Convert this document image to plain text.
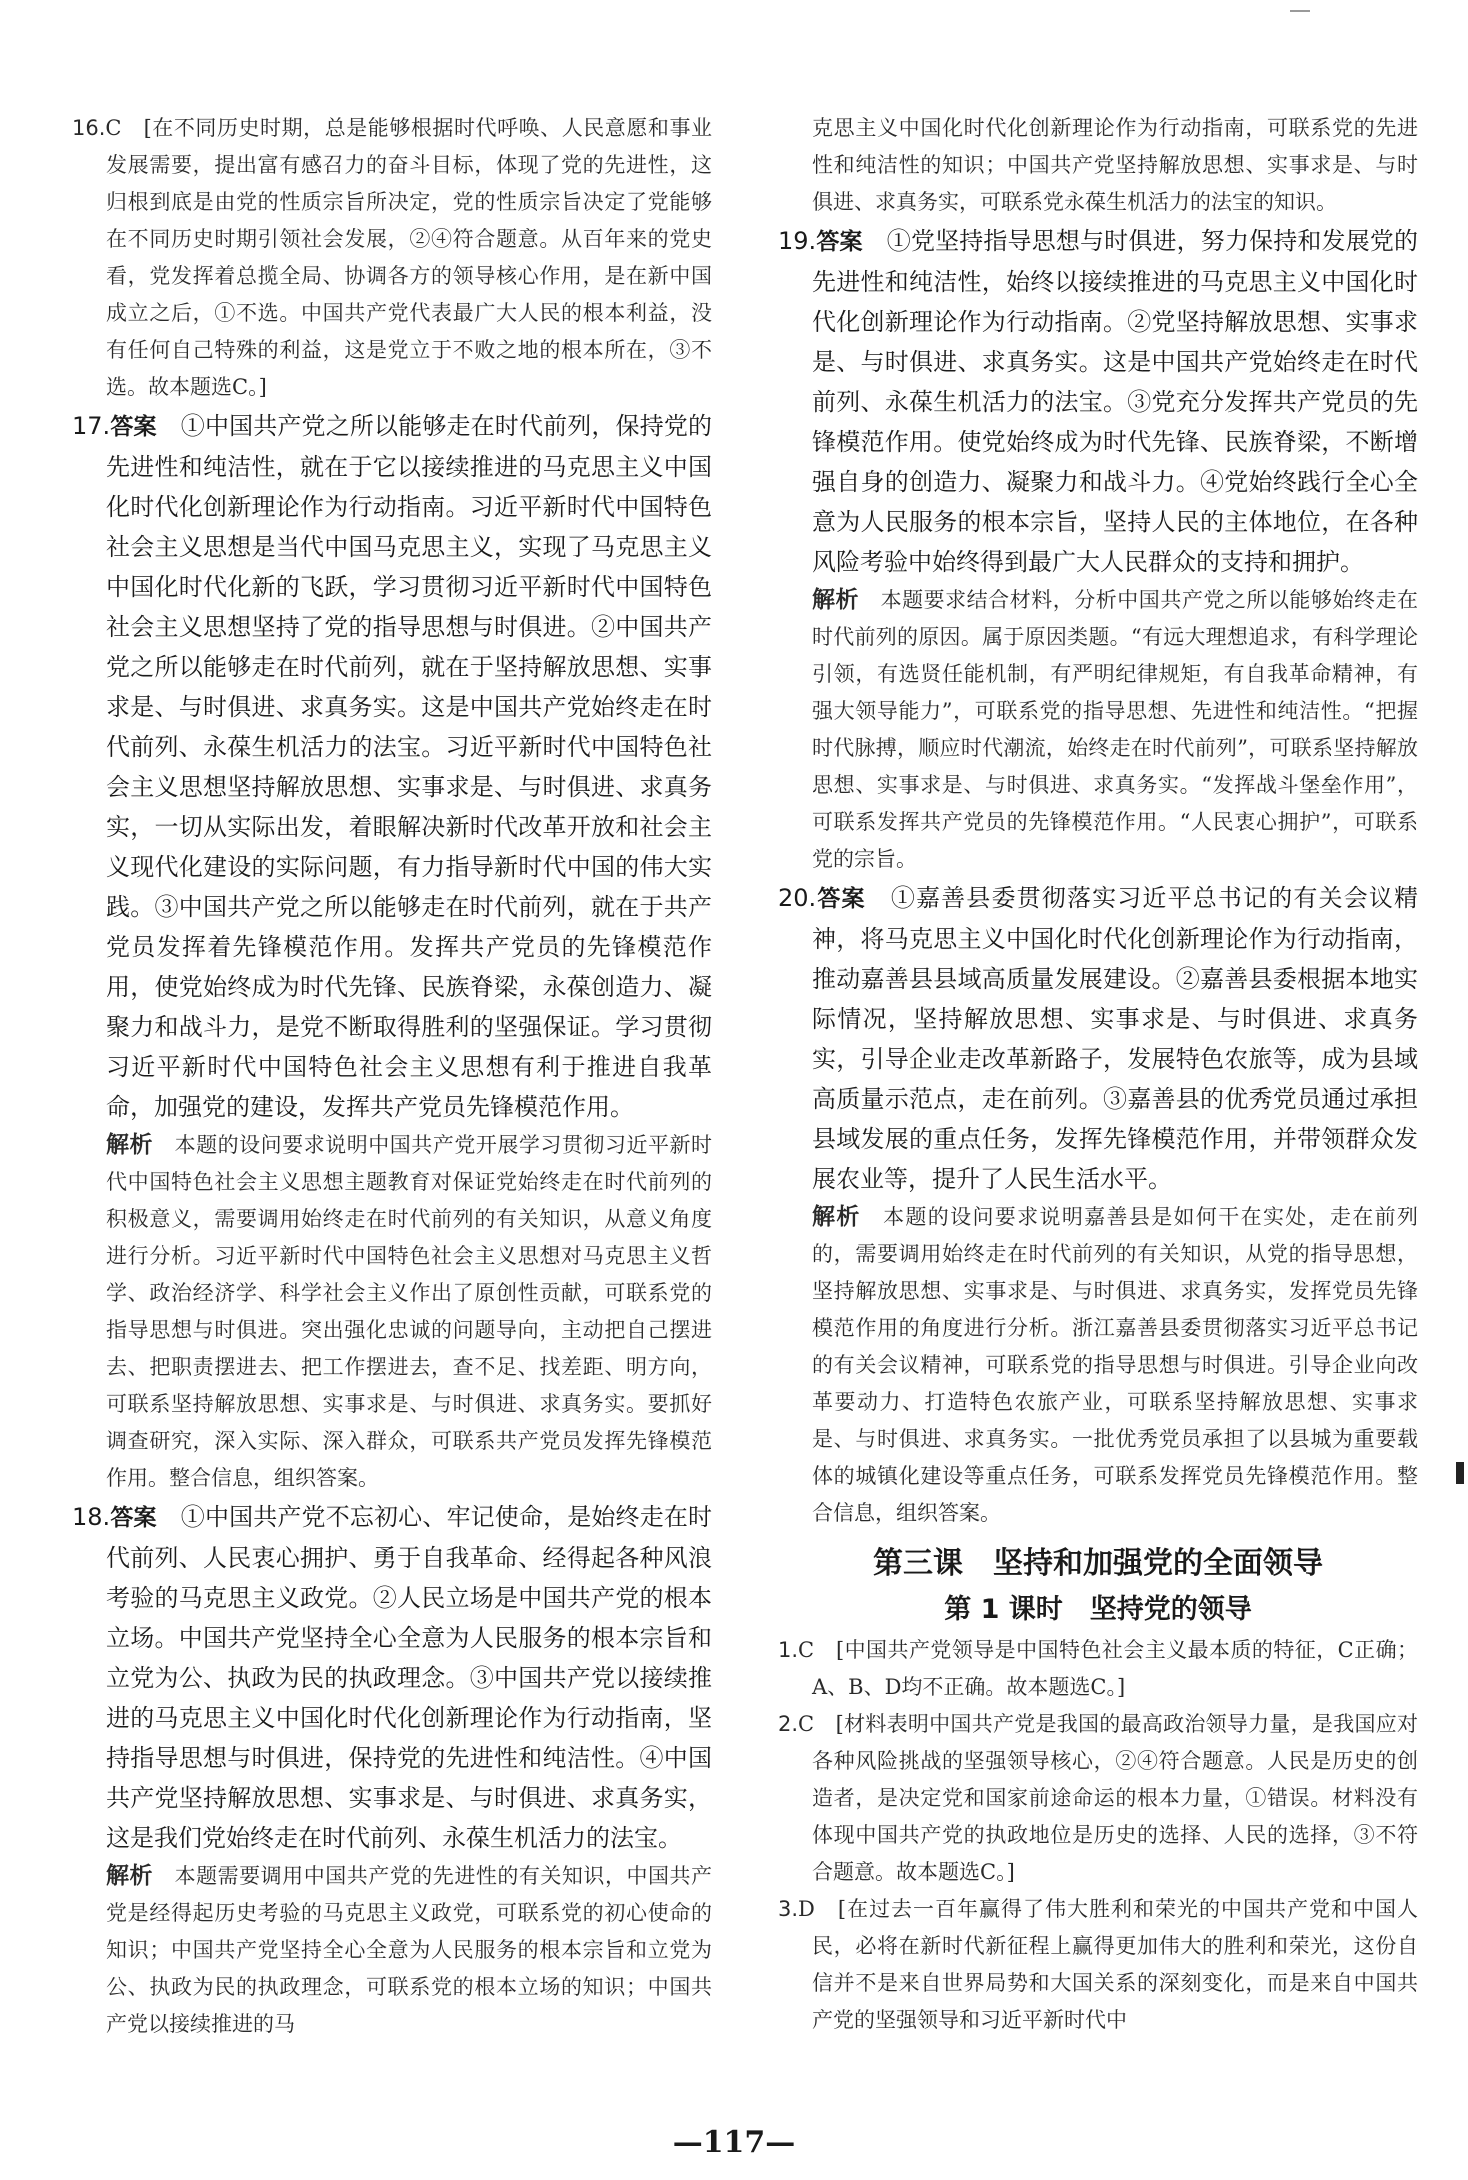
16.C　[在不同历史时期，总是能够根据时代呼唤、人民意愿和事业发展需要，提出富有感召力的奋斗目标，体现了党的先进性，这归根到底是由党的性质宗旨所决定，党的性质宗旨决定了党能够在不同历史时期引领社会发展，②④符合题意。从百年来的党史看，党发挥着总揽全局、协调各方的领导核心作用，是在新中国成立之后，①不选。中国共产党代表最广大人民的根本利益，没有任何自己特殊的利益，这是党立于不败之地的根本所在，③不选。故本题选C。]

17.答案　 ①中国共产党之所以能够走在时代前列，保持党的先进性和纯洁性，就在于它以接续推进的马克思主义中国化时代化创新理论作为行动指南。习近平新时代中国特色社会主义思想是当代中国马克思主义，实现了马克思主义中国化时代化新的飞跃，学习贯彻习近平新时代中国特色社会主义思想坚持了党的指导思想与时俱进。②中国共产党之所以能够走在时代前列，就在于坚持解放思想、实事求是、与时俱进、求真务实。这是中国共产党始终走在时代前列、永葆生机活力的法宝。习近平新时代中国特色社会主义思想坚持解放思想、实事求是、与时俱进、求真务实，一切从实际出发，着眼解决新时代改革开放和社会主义现代化建设的实际问题，有力指导新时代中国的伟大实践。③中国共产党之所以能够走在时代前列，就在于共产党员发挥着先锋模范作用。发挥共产党员的先锋模范作用，使党始终成为时代先锋、民族脊梁，永葆创造力、凝聚力和战斗力，是党不断取得胜利的坚强保证。学习贯彻习近平新时代中国特色社会主义思想有利于推进自我革命，加强党的建设，发挥共产党员先锋模范作用。

解析　 本题的设问要求说明中国共产党开展学习贯彻习近平新时代中国特色社会主义思想主题教育对保证党始终走在时代前列的积极意义，需要调用始终走在时代前列的有关知识，从意义角度进行分析。习近平新时代中国特色社会主义思想对马克思主义哲学、政治经济学、科学社会主义作出了原创性贡献，可联系党的指导思想与时俱进。突出强化忠诚的问题导向，主动把自己摆进去、把职责摆进去、把工作摆进去，查不足、找差距、明方向，可联系坚持解放思想、实事求是、与时俱进、求真务实。要抓好调查研究，深入实际、深入群众，可联系共产党员发挥先锋模范作用。整合信息，组织答案。

18.答案　 ①中国共产党不忘初心、牢记使命，是始终走在时代前列、人民衷心拥护、勇于自我革命、经得起各种风浪考验的马克思主义政党。②人民立场是中国共产党的根本立场。中国共产党坚持全心全意为人民服务的根本宗旨和立党为公、执政为民的执政理念。③中国共产党以接续推进的马克思主义中国化时代化创新理论作为行动指南，坚持指导思想与时俱进，保持党的先进性和纯洁性。④中国共产党坚持解放思想、实事求是、与时俱进、求真务实，这是我们党始终走在时代前列、永葆生机活力的法宝。

解析　 本题需要调用中国共产党的先进性的有关知识，中国共产党是经得起历史考验的马克思主义政党，可联系党的初心使命的知识；中国共产党坚持全心全意为人民服务的根本宗旨和立党为公、执政为民的执政理念，可联系党的根本立场的知识；中国共产党以接续推进的马

克思主义中国化时代化创新理论作为行动指南，可联系党的先进性和纯洁性的知识；中国共产党坚持解放思想、实事求是、与时俱进、求真务实，可联系党永葆生机活力的法宝的知识。

19.答案　 ①党坚持指导思想与时俱进，努力保持和发展党的先进性和纯洁性，始终以接续推进的马克思主义中国化时代化创新理论作为行动指南。②党坚持解放思想、实事求是、与时俱进、求真务实。这是中国共产党始终走在时代前列、永葆生机活力的法宝。③党充分发挥共产党员的先锋模范作用。使党始终成为时代先锋、民族脊梁，不断增强自身的创造力、凝聚力和战斗力。④党始终践行全心全意为人民服务的根本宗旨，坚持人民的主体地位，在各种风险考验中始终得到最广大人民群众的支持和拥护。

解析　 本题要求结合材料，分析中国共产党之所以能够始终走在时代前列的原因。属于原因类题。“有远大理想追求，有科学理论引领，有选贤任能机制，有严明纪律规矩，有自我革命精神，有强大领导能力”，可联系党的指导思想、先进性和纯洁性。“把握时代脉搏，顺应时代潮流，始终走在时代前列”，可联系坚持解放思想、实事求是、与时俱进、求真务实。“发挥战斗堡垒作用”，可联系发挥共产党员的先锋模范作用。“人民衷心拥护”，可联系党的宗旨。

20.答案　 ①嘉善县委贯彻落实习近平总书记的有关会议精神，将马克思主义中国化时代化创新理论作为行动指南，推动嘉善县县域高质量发展建设。②嘉善县委根据本地实际情况，坚持解放思想、实事求是、与时俱进、求真务实，引导企业走改革新路子，发展特色农旅等，成为县域高质量示范点，走在前列。③嘉善县的优秀党员通过承担县域发展的重点任务，发挥先锋模范作用，并带领群众发展农业等，提升了人民生活水平。

解析　 本题的设问要求说明嘉善县是如何干在实处，走在前列的，需要调用始终走在时代前列的有关知识，从党的指导思想，坚持解放思想、实事求是、与时俱进、求真务实，发挥党员先锋模范作用的角度进行分析。浙江嘉善县委贯彻落实习近平总书记的有关会议精神，可联系党的指导思想与时俱进。引导企业向改革要动力、打造特色农旅产业，可联系坚持解放思想、实事求是、与时俱进、求真务实。一批优秀党员承担了以县城为重要载体的城镇化建设等重点任务，可联系发挥党员先锋模范作用。整合信息，组织答案。

第三课　坚持和加强党的全面领导
第 1 课时　坚持党的领导

1.C　[中国共产党领导是中国特色社会主义最本质的特征，C正确；A、B、D均不正确。故本题选C。]

2.C　[材料表明中国共产党是我国的最高政治领导力量，是我国应对各种风险挑战的坚强领导核心，②④符合题意。人民是历史的创造者，是决定党和国家前途命运的根本力量，①错误。材料没有体现中国共产党的执政地位是历史的选择、人民的选择，③不符合题意。故本题选C。]

3.D　[在过去一百年赢得了伟大胜利和荣光的中国共产党和中国人民，必将在新时代新征程上赢得更加伟大的胜利和荣光，这份自信并不是来自世界局势和大国关系的深刻变化，而是来自中国共产党的坚强领导和习近平新时代中

—117—
